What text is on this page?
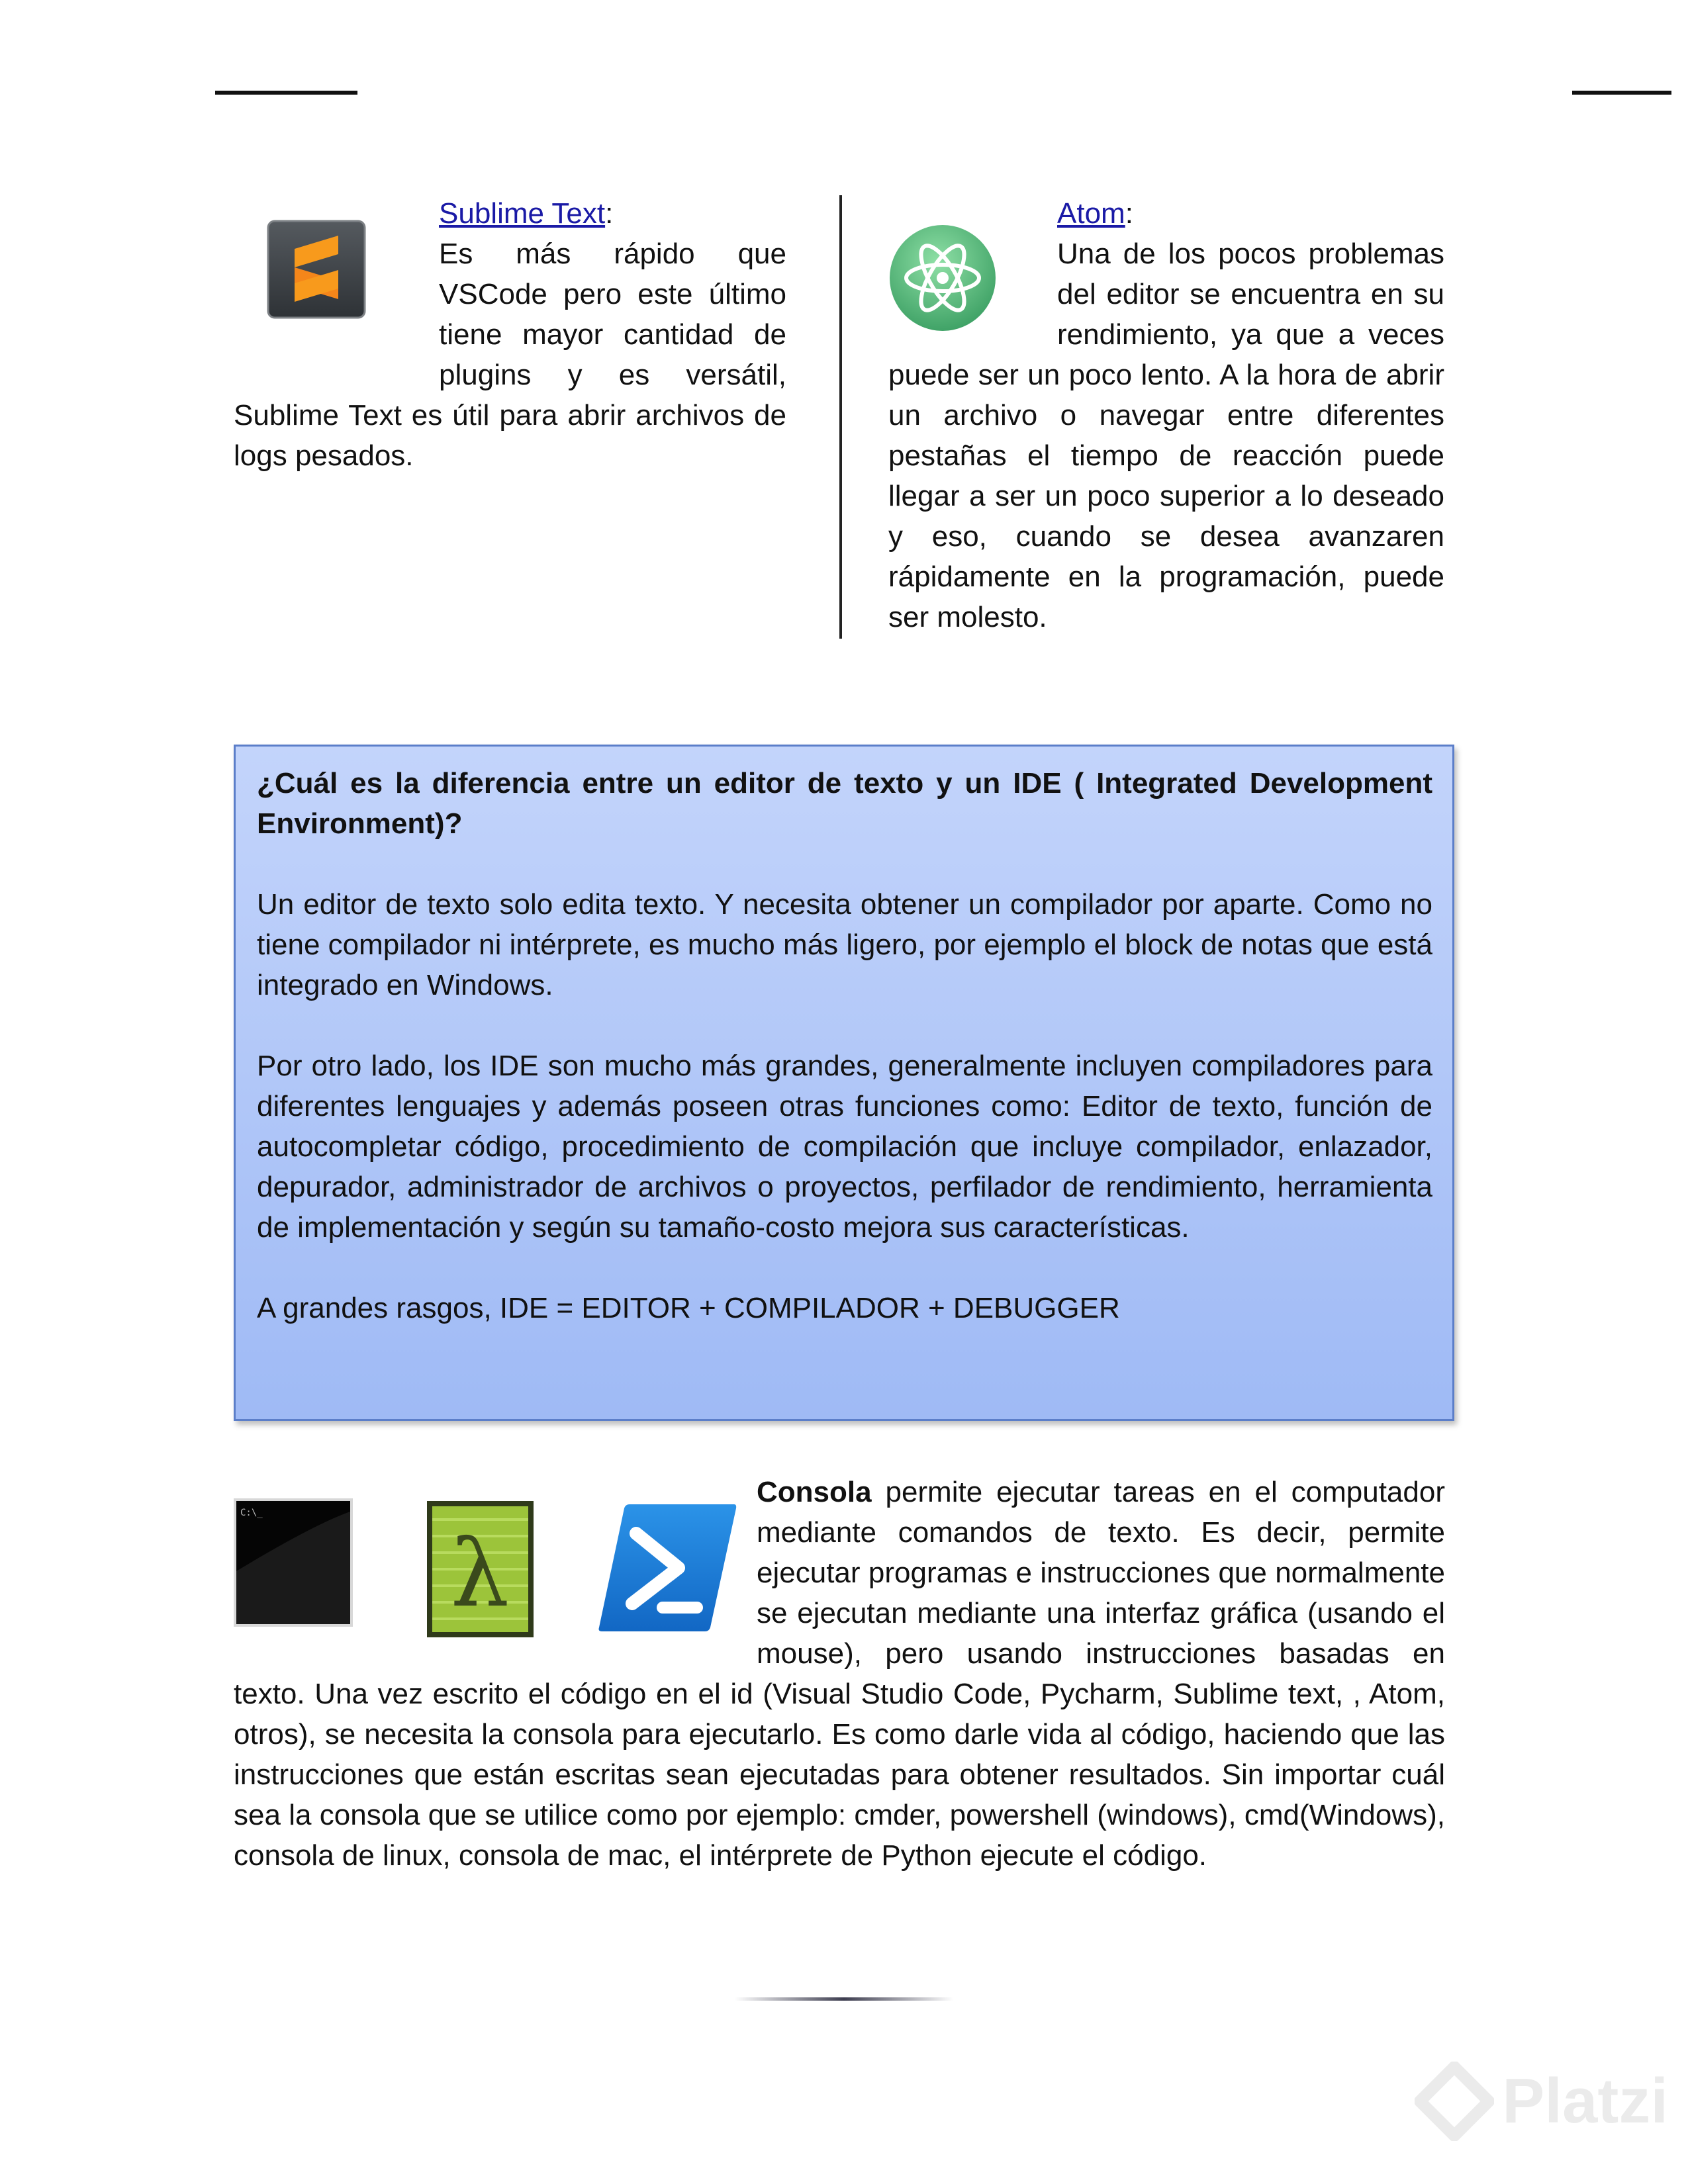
Sublime Text:
Es más rápido que VSCode pero este último tiene mayor cantidad de plugins y es versátil, Sublime Text es útil para abrir archivos de logs pesados.
Atom:
Una de los pocos problemas del editor se encuentra en su rendimiento, ya que a veces puede ser un poco lento. A la hora de abrir un archivo o navegar entre diferentes pestañas el tiempo de reacción puede llegar a ser un poco superior a lo deseado y eso, cuando se desea avanzaren rápidamente en la programación, puede ser molesto.

¿Cuál es la diferencia entre un editor de texto y un IDE ( Integrated Development Environment)?

Un editor de texto solo edita texto. Y necesita obtener un compilador por aparte. Como no tiene compilador ni intérprete, es mucho más ligero, por ejemplo el block de notas que está integrado en Windows.

Por otro lado, los IDE son mucho más grandes, generalmente incluyen compiladores para diferentes lenguajes y además poseen otras funciones como: Editor de texto, función de autocompletar código, procedimiento de compilación que incluye compilador, enlazador, depurador, administrador de archivos o proyectos, perfilador de rendimiento, herramienta de implementación y según su tamaño-costo mejora sus características.

A grandes rasgos, IDE = EDITOR + COMPILADOR + DEBUGGER

C:\_
λ
Consola permite ejecutar tareas en el computador mediante comandos de texto. Es decir, permite ejecutar programas e instrucciones que normalmente se ejecutan mediante una interfaz gráfica (usando el mouse), pero usando instrucciones basadas en texto. Una vez escrito el código en el id (Visual Studio Code, Pycharm, Sublime text, , Atom, otros), se necesita la consola para ejecutarlo. Es como darle vida al código, haciendo que las instrucciones que están escritas sean ejecutadas para obtener resultados. Sin importar cuál sea la consola que se utilice como por ejemplo: cmder, powershell (windows), cmd(Windows), consola de linux, consola de mac, el intérprete de Python ejecute el código.
Platzi
